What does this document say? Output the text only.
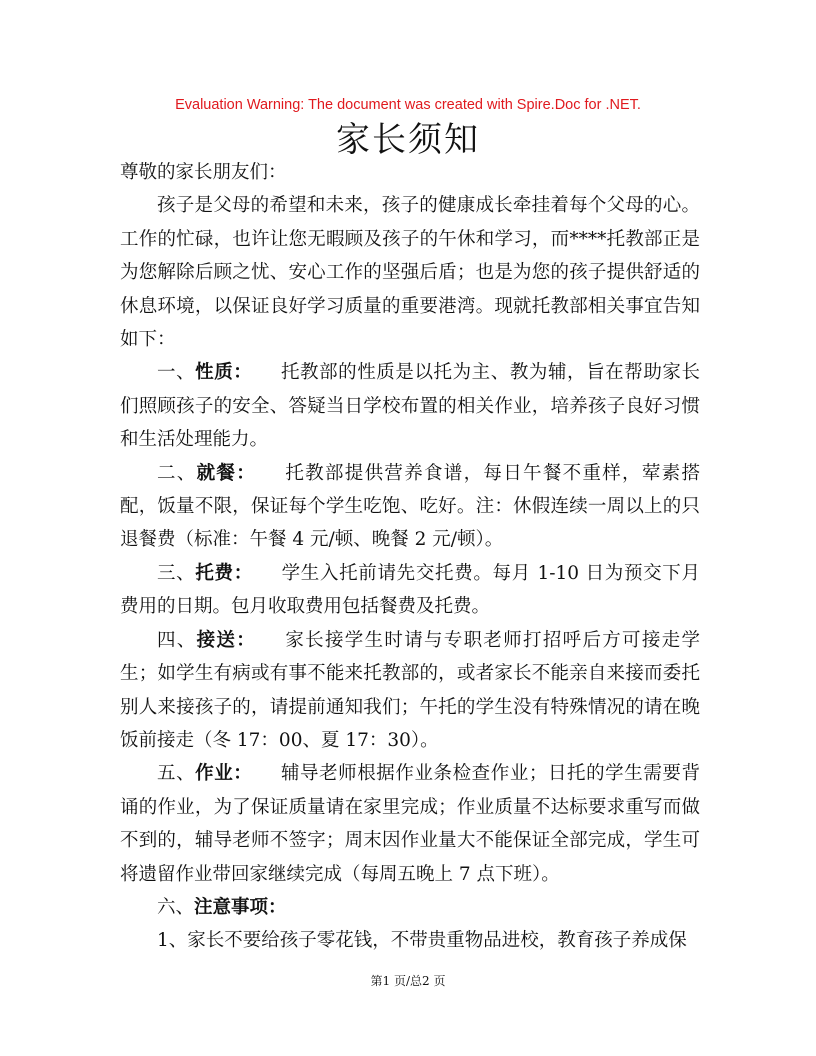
Evaluation Warning: The document was created with Spire.Doc for .NET.
家长须知

尊敬的家长朋友们：

孩子是父母的希望和未来，孩子的健康成长牵挂着每个父母的心。工作的忙碌，也许让您无暇顾及孩子的午休和学习，而****托教部正是为您解除后顾之忧、安心工作的坚强后盾；也是为您的孩子提供舒适的休息环境，以保证良好学习质量的重要港湾。现就托教部相关事宜告知如下：

一、性质： 托教部的性质是以托为主、教为辅，旨在帮助家长们照顾孩子的安全、答疑当日学校布置的相关作业，培养孩子良好习惯和生活处理能力。

二、就餐： 托教部提供营养食谱，每日午餐不重样，荤素搭配，饭量不限，保证每个学生吃饱、吃好。注：休假连续一周以上的只退餐费（标准：午餐 4 元/顿、晚餐 2 元/顿）。

三、托费： 学生入托前请先交托费。每月 1-10 日为预交下月费用的日期。包月收取费用包括餐费及托费。

四、接送： 家长接学生时请与专职老师打招呼后方可接走学生；如学生有病或有事不能来托教部的，或者家长不能亲自来接而委托别人来接孩子的，请提前通知我们；午托的学生没有特殊情况的请在晚饭前接走（冬 17：00、夏 17：30）。

五、作业： 辅导老师根据作业条检查作业；日托的学生需要背诵的作业，为了保证质量请在家里完成；作业质量不达标要求重写而做不到的，辅导老师不签字；周末因作业量大不能保证全部完成，学生可将遗留作业带回家继续完成（每周五晚上 7 点下班）。

六、注意事项：

1、家长不要给孩子零花钱，不带贵重物品进校，教育孩子养成保

第1 页/总2 页
